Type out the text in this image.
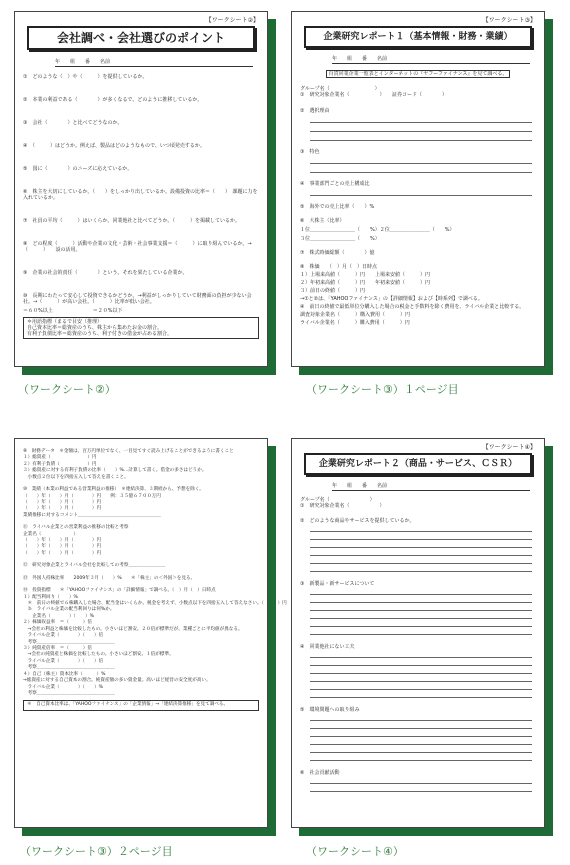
【ワークシート②】
会社調べ・会社選びのポイント
年　　組　　番　　名前
①　どのような（　）や（　　　）を提供しているか。
②　本業の利益である（　　　　）が多くなるで、どのように推移しているか。
③　会社（　　　　）と比べてどうなのか。
④　（　　　）はどうか。例えば、製品はどのようなもので、いつ頃発売するか。
⑤　国に（　　　　）のニーズに応えているか。
⑥　株主を大切にしているか。（　　）をしっかり出しているか。設備投資の比率＝（　　）　課題に力を入れているか。
⑦　社員の平均（　　　）はいくらか。同業他社と比べてどうか。（　　　）を掲載しているか。
⑧　どの程度（　　　）活動や企業の文化・芸術・社会事業支援＝（　　　）に取り組んでいるか。→（　　　）　　設の活用。
⑨　企業の社会的責任（　　　　）という。それを果たしている企業か。
⑩　長期にわたって安心して投資できるかどうか。→利益がしっかりしていて財務面の負担が少ない会社。→（　　　）が高い会社。（　　　）比率が低い会社。
＝６０%以上　　　　　　　　＝２０%以下
＊用語指標（まるで目安（推理）
自己資本比率＝総資産のうち、株主から集めたお金の割合。
有利子負債比率＝総資産のうち、利子付きの借金が占める割合。
（ワークシート②）
【ワークシート③】
企業研究レポート１（基本情報・財務・業績）
年　　組　　番　　名前
百貨同業企業一覧表とインターネットの『ヤフーファイナンス』を見て調べる。
グループ名（　　　　　　　　　）
①　研究対象企業名（　　　　　　）　　証券コード（　　　　）
②　選択理由
③　特色
④　事業部門ごとの売上構成比
⑤　海外での売上比率（　　）%
⑥　大株主（比率）
１位＿＿＿＿＿＿＿＿＿（　　%）２位＿＿＿＿＿＿＿＿（　　%）
３位＿＿＿＿＿＿＿＿＿（　　%）
⑦　株式時価総額（　　　　）億
⑧　株価　　（　）月（　）日時点
１）上場来高値（　　　）円　　上場来安値（　　　）円
２）年初来高値（　　　）円　　年初来安値（　　　）円
３）前日の終値（　　　）円
→①と②は、「YAHOOファイナンス」の【詳細情報】および【時系列】で調べる。
④　前日の終値で最低単位分購入した場合の税金と手数料を除く費用を、ライバル企業と比較する。
調査対象企業名（　　　）購入費用（　　　）円
ライバル企業名（　　　）購入費用（　　　）円
（ワークシート③）１ページ目
⑨　財務データ　＊金額は、百万円単位でなく、一目見てすぐ読み上げることができるように書くこと
１）総資産（　　　　　　　　）円
２）有利子負債（　　　　　　）円
３）総資産に対する有利子負債の比率（　　）%…計算して書く。借金の多さはどうか。
　小数点２位以下を四捨五入して答えを書くこと。
⑩　業績（本業の利益である営業利益の推移）　＊連結決算、３期続から、予想を除く。
（　　）年（　　）月（　　　　）円　　例：３５億６７００万円
（　　）年（　　）月（　　　　）円
（　　）年（　　）月（　　　　）円
業績推移に対するコメント＿＿＿＿＿＿＿＿＿＿＿＿＿＿＿＿＿＿
⑪　ライバル企業との営業利益の推移の比較と考察
企業名（　　　　　　　）
（　　）年（　　）月（　　　　）円
（　　）年（　　）月（　　　　）円
（　　）年（　　）月（　　　　）円
⑫　研究対象企業とライバル会社を比較しての考察＿＿＿＿＿＿＿＿
⑬　外国人持株比率　　2009年３月（　　）%　　＊「株主」の＜外国＞を見る。
⑭　投資指標　　＊「YAHOOファイナンス」の「詳細情報」で調べる。（　）月（　）日時点
１）配当利回り（　　）%
　＊　前日の終値で６株購入した場合、配当金はいくらか。税金を考えず、小数点以下を四捨五入して答えなさい。（　　　）円
　ｂ　ライバル企業の配当利回りは何%か。
　　企業名（　　　　）（　　）%
２）株価収益率　＝（　　　）倍
　→会社の利益と株価を比較したもの。小さいほど割安。２０倍が標準だが、業種ごとに平均値が異なる。
　ライバル企業（　　　　）（　　）倍
　考察＿＿＿＿＿＿＿＿＿＿＿＿＿＿＿＿＿
３）純資産倍率　＝（　　　）倍
　→会社の純資産と株価を比較したもの。小さいほど割安。１倍が標準。
　ライバル企業（　　　　）（　　）倍
　考察＿＿＿＿＿＿＿＿＿＿＿＿＿＿＿＿＿
４）自己（株主）資本比率（　　　）%
→総資産に対する自己資本の割合。純資産額の多い資金量。高いほど経営の安全度が高い。
　ライバル企業（　　　　）（　　）%
　考察＿＿＿＿＿＿＿＿＿＿＿＿＿＿＿＿＿
＊　自己資本比率は、「YAHOOファイナンス」の「企業情報」→「連結決算推移」を見て調べる。
（ワークシート③）２ページ目
【ワークシート④】
企業研究レポート２（商品・サービス、ＣＳＲ）
年　　組　　番　　名前
グループ名（　　　　　　　　）
①　研究対象企業名（　　　　　　）
②　どのような商品やサービスを提供しているか。
③　新製品・新サービスについて
④　同業他社にない工夫
⑤　環境問題への取り組み
⑥　社会貢献活動
（ワークシート④）
